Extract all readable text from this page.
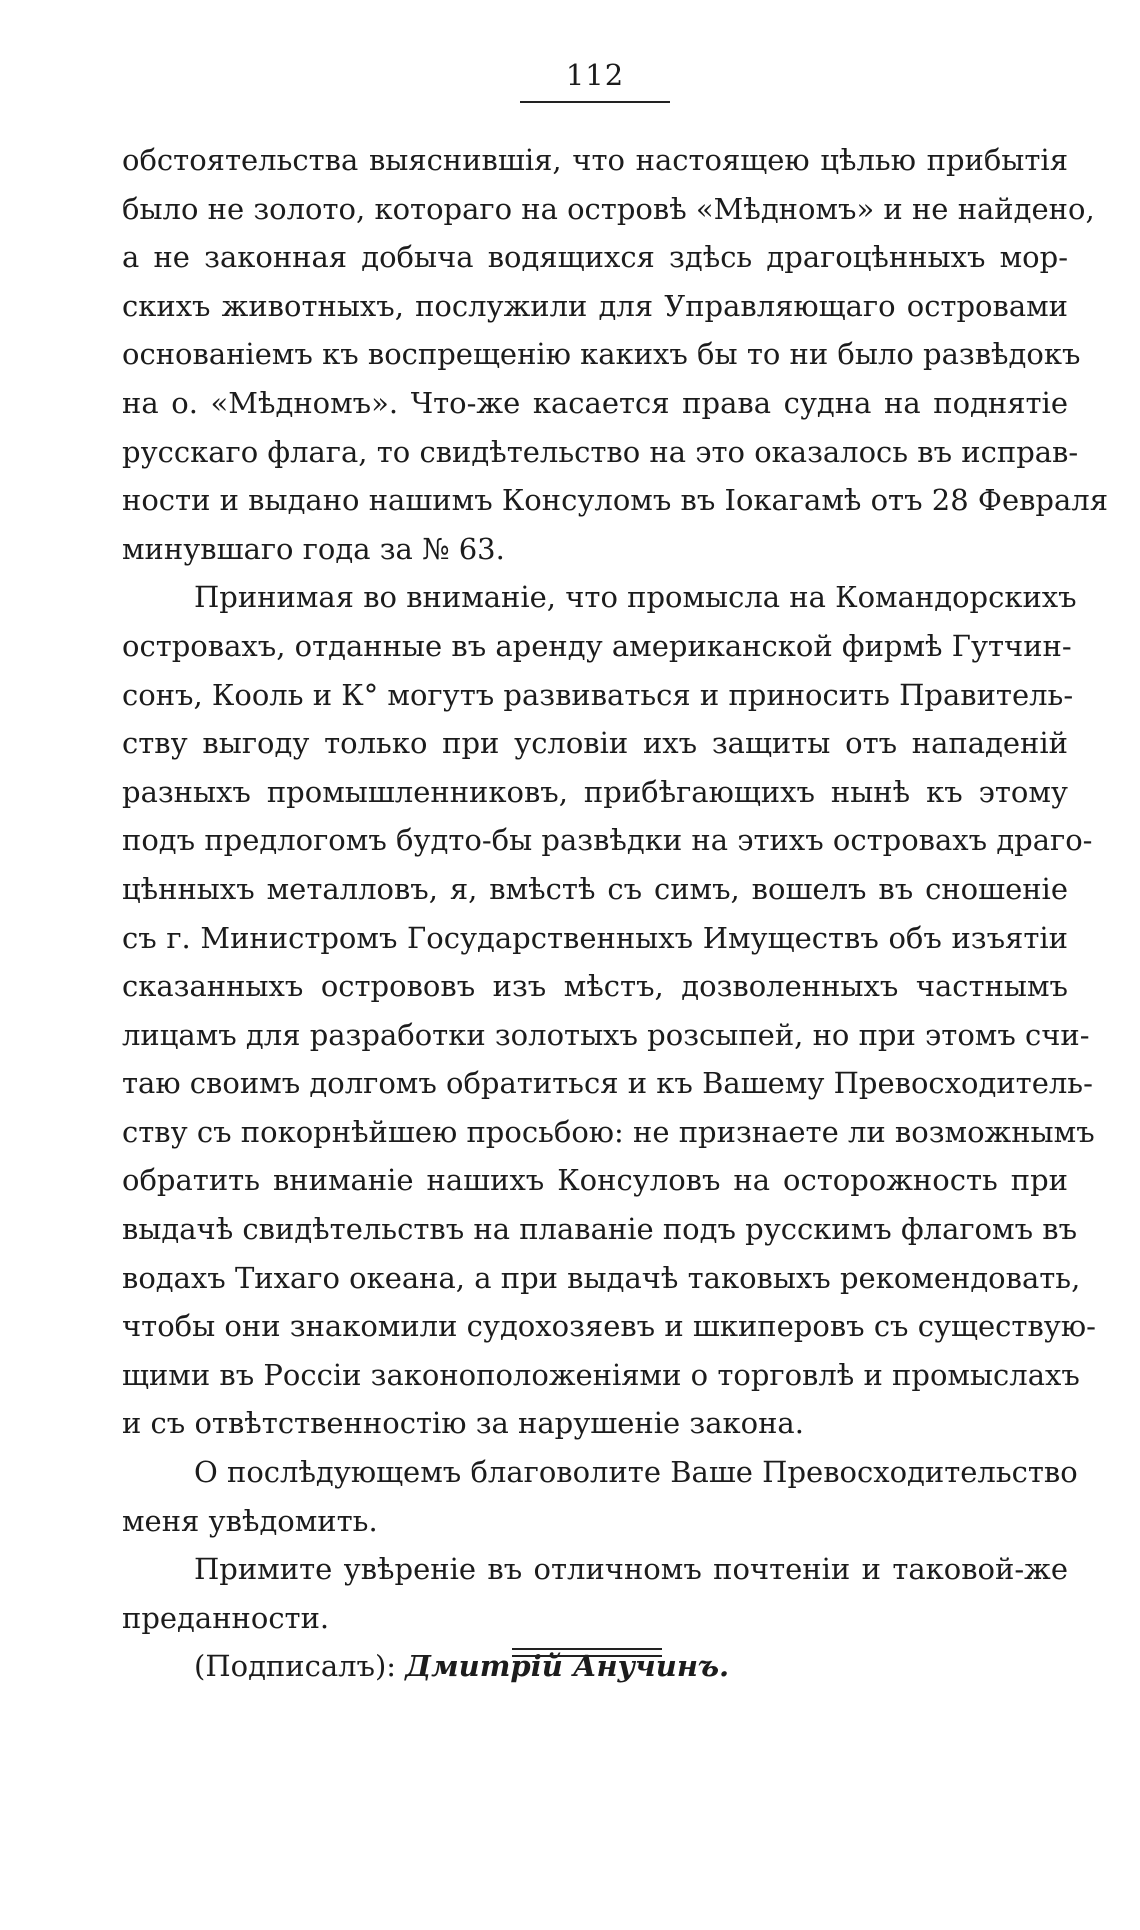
112
обстоятельства выяснившія, что настоящею цѣлью прибытія
было не золото, котораго на островѣ «Мѣдномъ» и не найдено,
а не законная добыча водящихся здѣсь драгоцѣнныхъ мор-
скихъ животныхъ, послужили для Управляющаго островами
основаніемъ къ воспрещенію какихъ бы то ни было развѣдокъ
на о. «Мѣдномъ». Что-же касается права судна на поднятіе
русскаго флага, то свидѣтельство на это оказалось въ исправ-
ности и выдано нашимъ Консуломъ въ Іокагамѣ отъ 28 Февраля
минувшаго года за № 63.
Принимая во вниманіе, что промысла на Командорскихъ
островахъ, отданные въ аренду американской фирмѣ Гутчин-
сонъ, Кооль и К° могутъ развиваться и приносить Правитель-
ству выгоду только при условіи ихъ защиты отъ нападеній
разныхъ промышленниковъ, прибѣгающихъ нынѣ къ этому
подъ предлогомъ будто-бы развѣдки на этихъ островахъ драго-
цѣнныхъ металловъ, я, вмѣстѣ съ симъ, вошелъ въ сношеніе
съ г. Министромъ Государственныхъ Имуществъ объ изъятіи
сказанныхъ острововъ изъ мѣстъ, дозволенныхъ частнымъ
лицамъ для разработки золотыхъ розсыпей, но при этомъ счи-
таю своимъ долгомъ обратиться и къ Вашему Превосходитель-
ству съ покорнѣйшею просьбою: не признаете ли возможнымъ
обратить вниманіе нашихъ Консуловъ на осторожность при
выдачѣ свидѣтельствъ на плаваніе подъ русскимъ флагомъ въ
водахъ Тихаго океана, а при выдачѣ таковыхъ рекомендовать,
чтобы они знакомили судохозяевъ и шкиперовъ съ существую-
щими въ Россіи законоположеніями о торговлѣ и промыслахъ
и съ отвѣтственностію за нарушеніе закона.
О послѣдующемъ благоволите Ваше Превосходительство
меня увѣдомить.
Примите увѣреніе въ отличномъ почтеніи и таковой-же
преданности.
(Подписалъ): Дмитрій Анучинъ.
